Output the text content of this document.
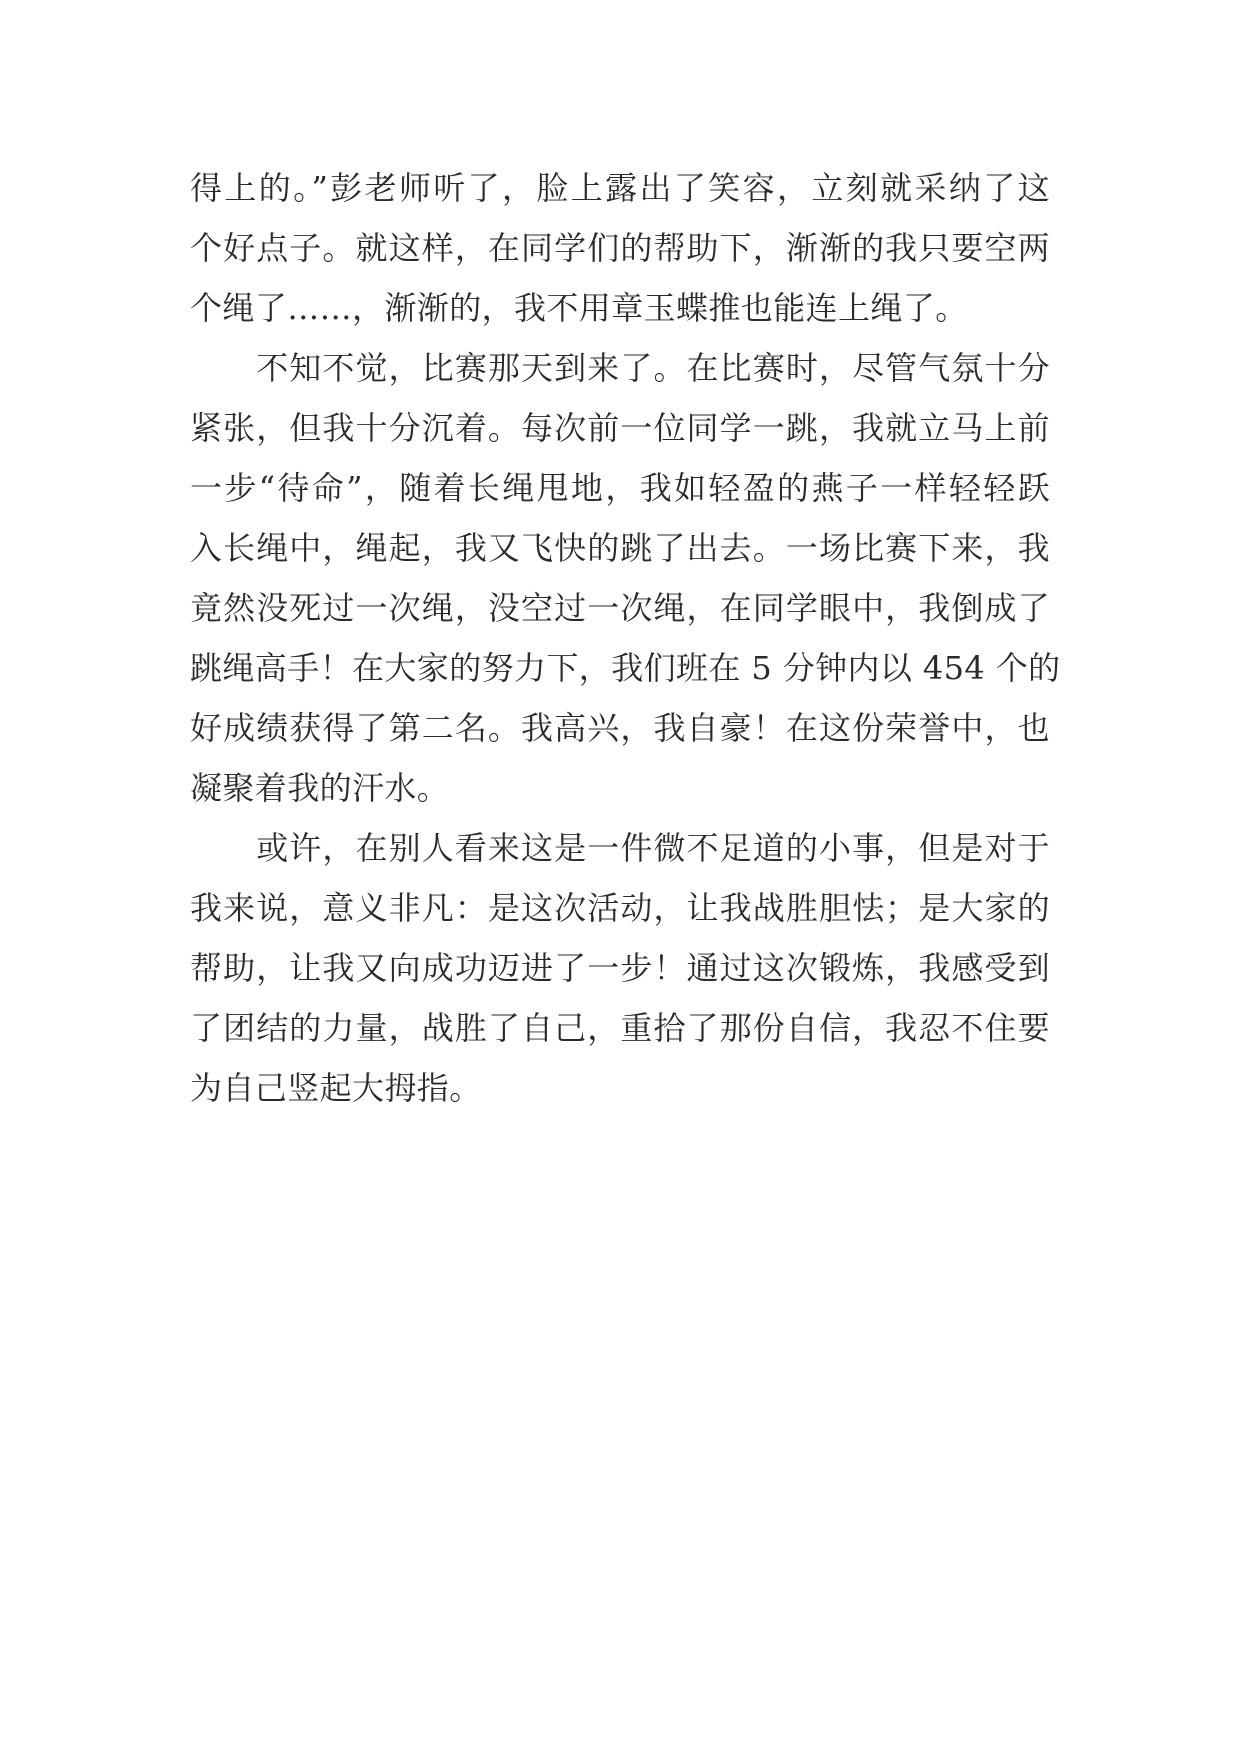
得上的。”彭老师听了，脸上露出了笑容，立刻就采纳了这
个好点子。就这样，在同学们的帮助下，渐渐的我只要空两
个绳了……，渐渐的，我不用章玉蝶推也能连上绳了。
　　不知不觉，比赛那天到来了。在比赛时，尽管气氛十分
紧张，但我十分沉着。每次前一位同学一跳，我就立马上前
一步“待命”，随着长绳甩地，我如轻盈的燕子一样轻轻跃
入长绳中，绳起，我又飞快的跳了出去。一场比赛下来，我
竟然没死过一次绳，没空过一次绳，在同学眼中，我倒成了
跳绳高手！在大家的努力下，我们班在 5 分钟内以 454 个的
好成绩获得了第二名。我高兴，我自豪！在这份荣誉中，也
凝聚着我的汗水。
　　或许，在别人看来这是一件微不足道的小事，但是对于
我来说，意义非凡：是这次活动，让我战胜胆怯；是大家的
帮助，让我又向成功迈进了一步！通过这次锻炼，我感受到
了团结的力量，战胜了自己，重拾了那份自信，我忍不住要
为自己竖起大拇指。
